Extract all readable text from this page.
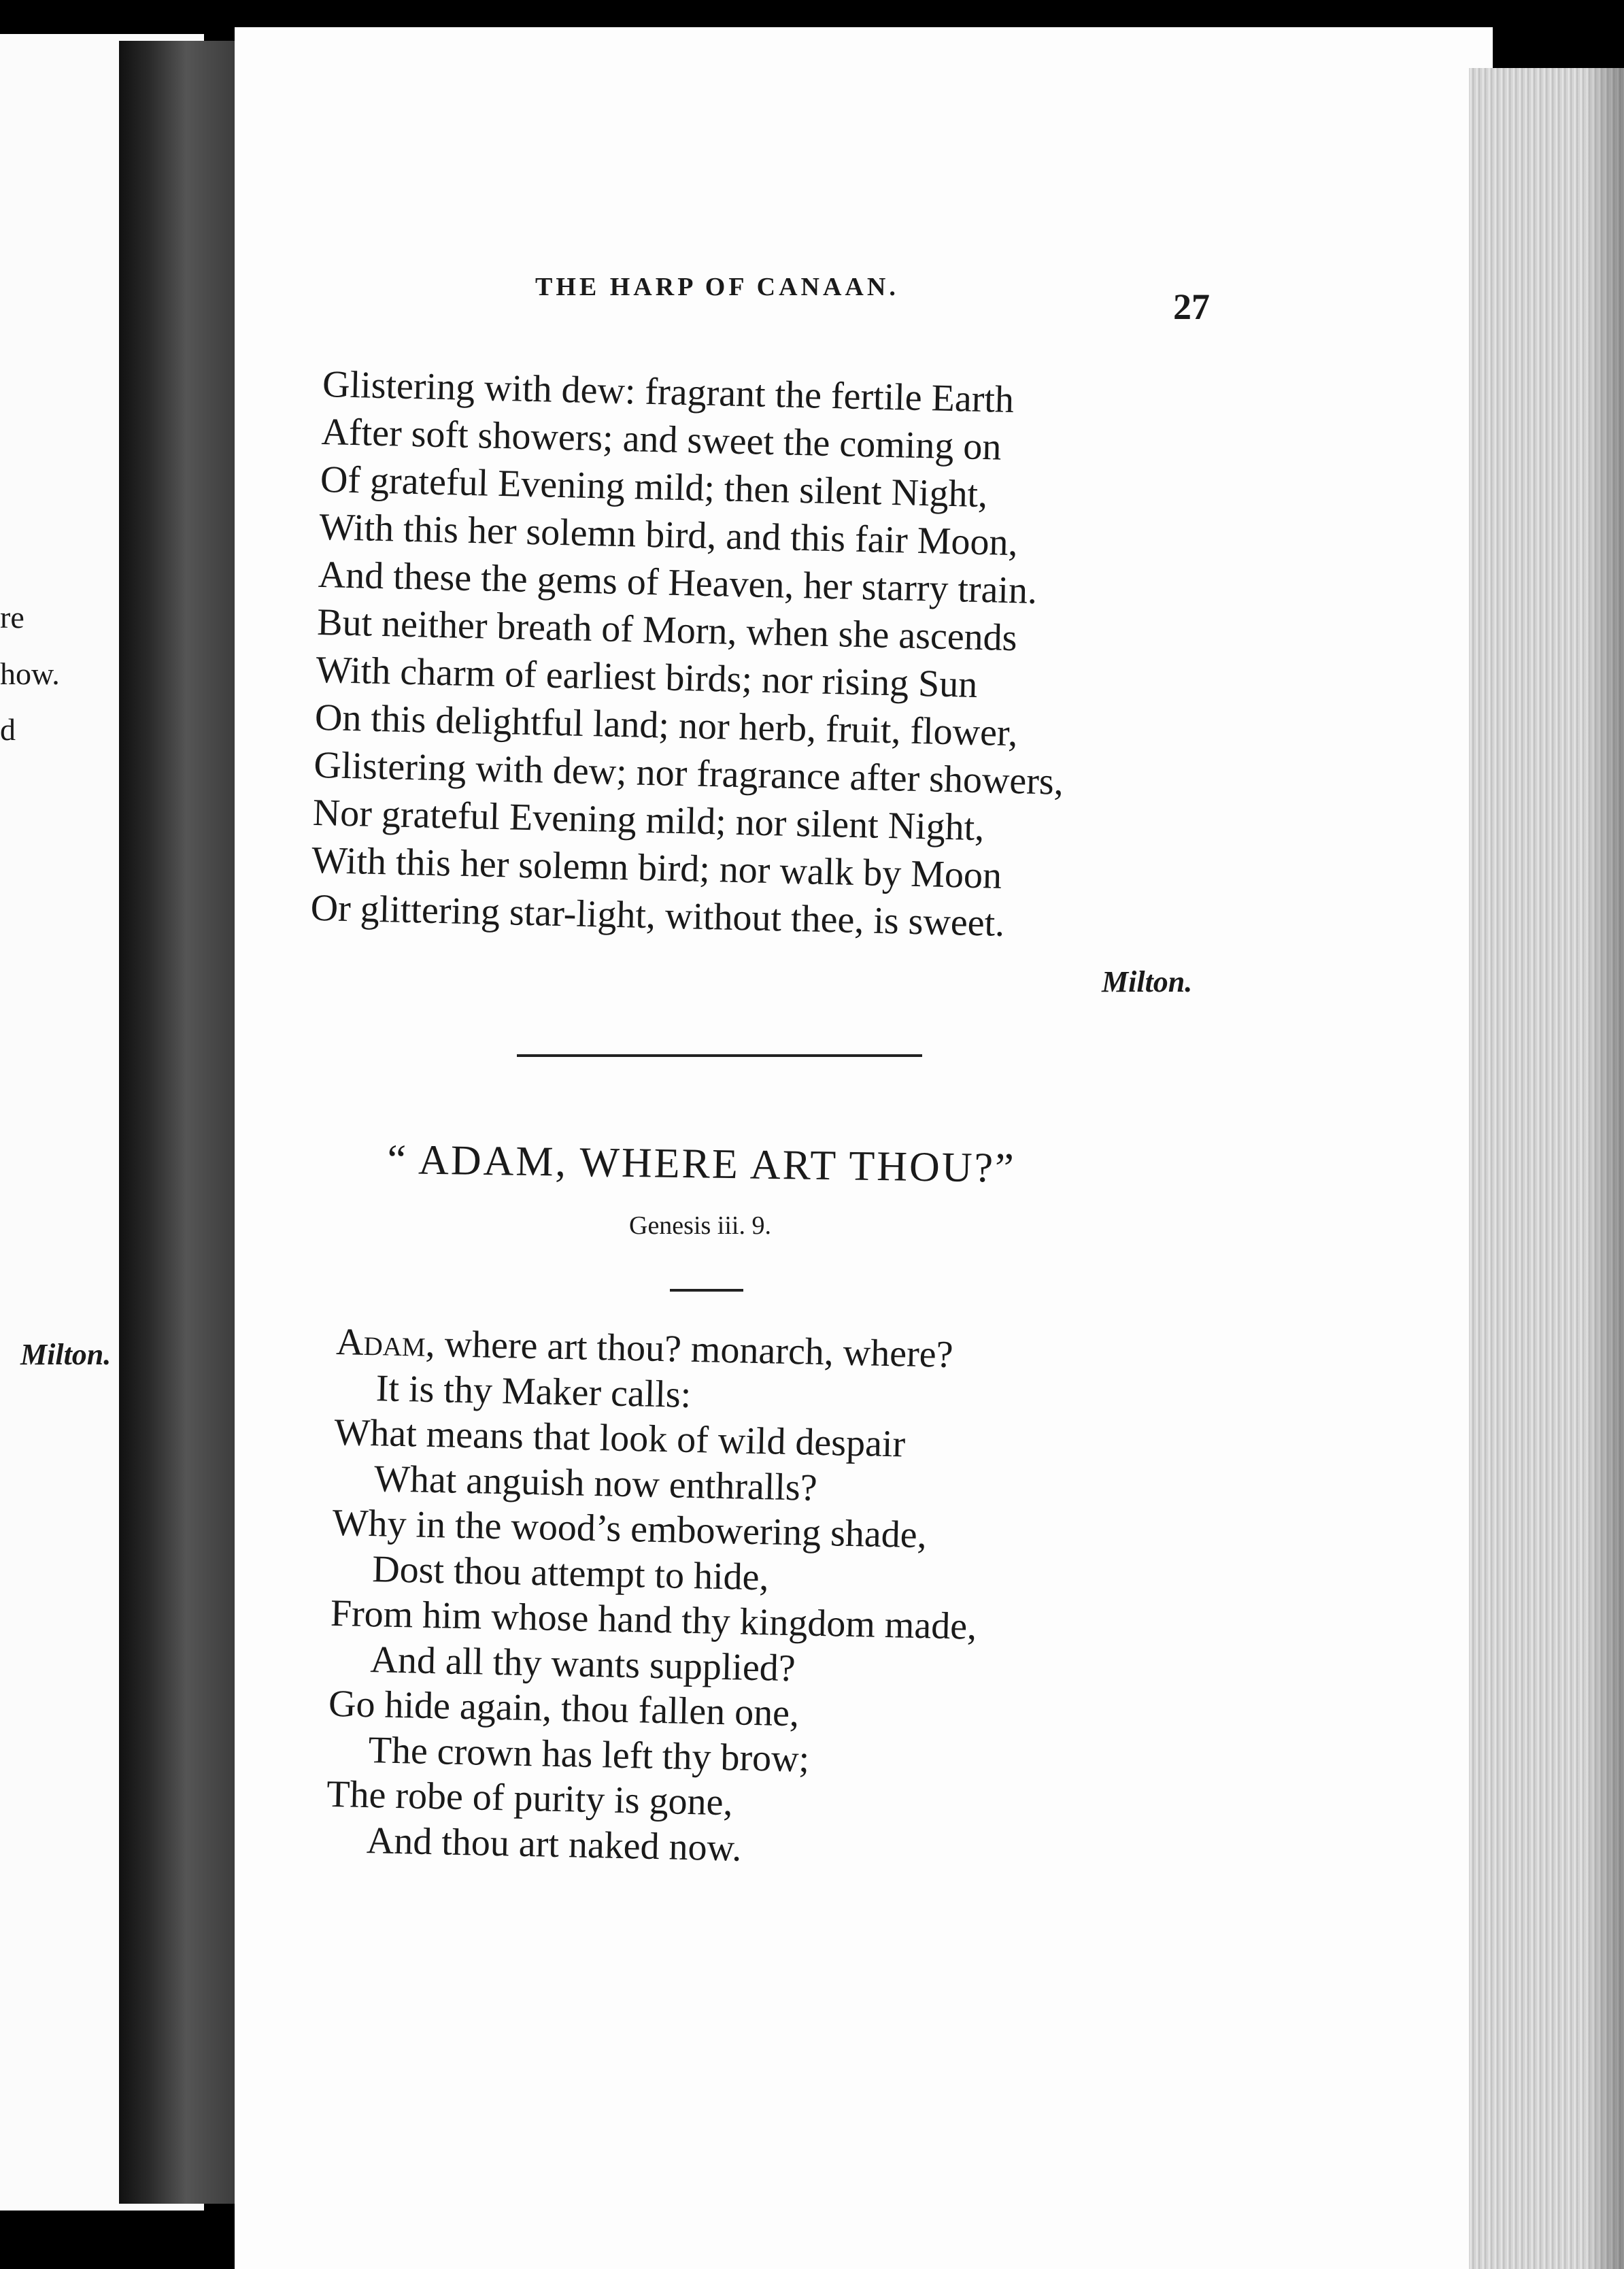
re
how.
d
Milton.
THE HARP OF CANAAN.	27
Glistering with dew: fragrant the fertile Earth
After soft showers; and sweet the coming on
Of grateful Evening mild; then silent Night,
With this her solemn bird, and this fair Moon,
And these the gems of Heaven, her starry train.
But neither breath of Morn, when she ascends
With charm of earliest birds; nor rising Sun
On this delightful land; nor herb, fruit, flower,
Glistering with dew; nor fragrance after showers,
Nor grateful Evening mild; nor silent Night,
With this her solemn bird; nor walk by Moon
Or glittering star-light, without thee, is sweet.
Milton.
“ ADAM, WHERE ART THOU?”
Genesis iii. 9.
Adam, where art thou? monarch, where?
It is thy Maker calls:
What means that look of wild despair
What anguish now enthralls?
Why in the wood’s embowering shade,
Dost thou attempt to hide,
From him whose hand thy kingdom made,
And all thy wants supplied?
Go hide again, thou fallen one,
The crown has left thy brow;
The robe of purity is gone,
And thou art naked now.
